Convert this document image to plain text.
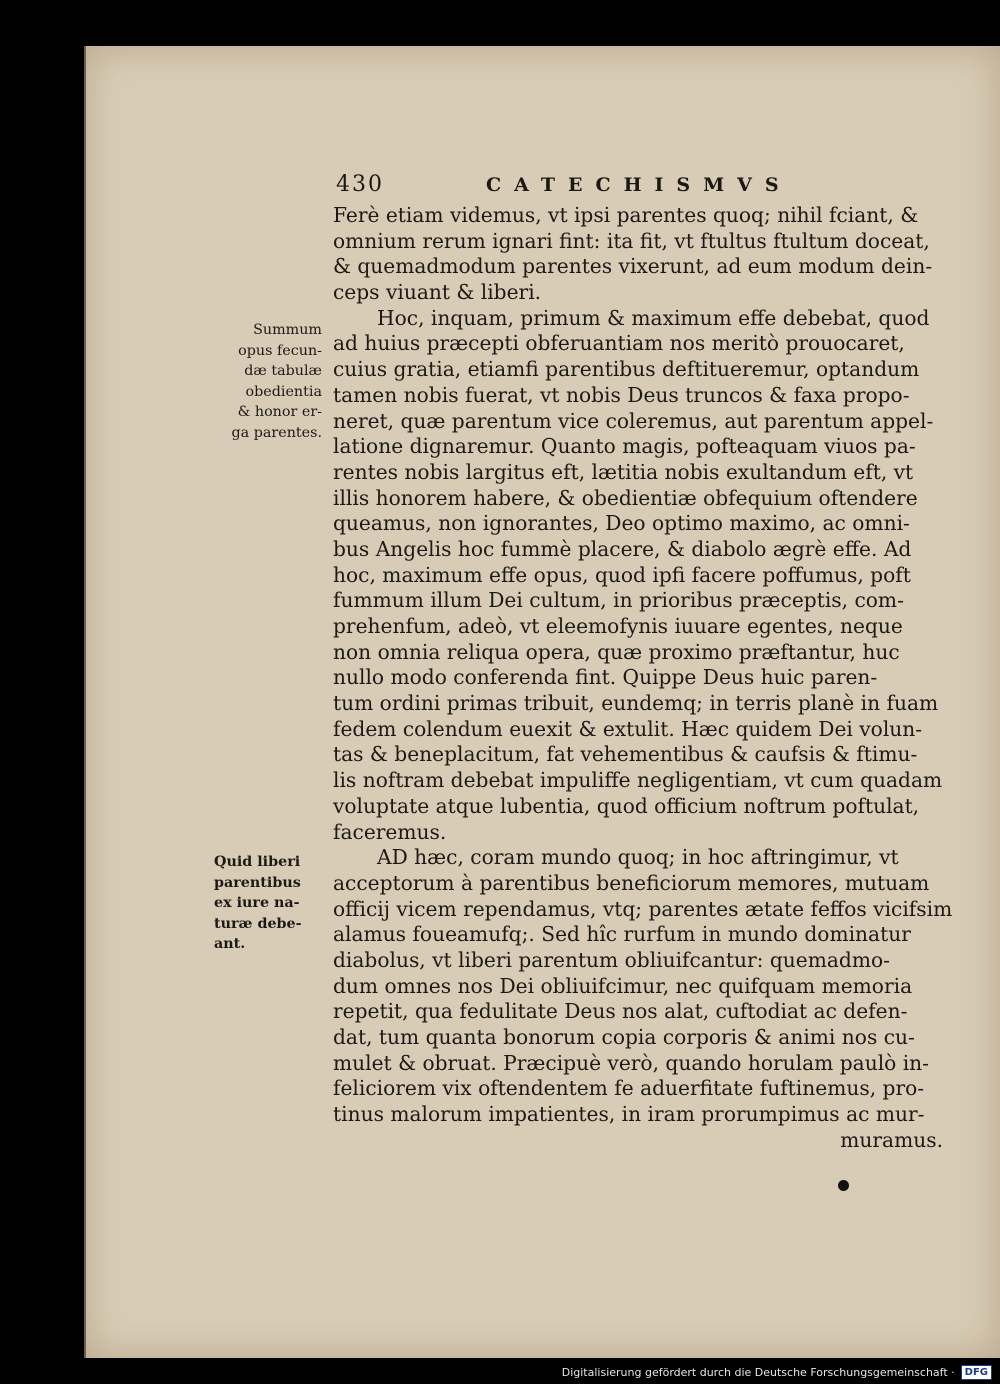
430	CATECHISMVS
Summum
opus fecun-
dæ tabulæ
obedientia
& honor er-
ga parentes.
Quid liberi
parentibus
ex iure na-
turæ debe-
ant.
Ferè etiam videmus, vt ipsi parentes quoq; nihil fciant, &
omnium rerum ignari fint: ita fit, vt ftultus ftultum doceat,
& quemadmodum parentes vixerunt, ad eum modum dein-
ceps viuant & liberi.
Hoc, inquam, primum & maximum effe debebat, quod
ad huius præcepti obferuantiam nos meritò prouocaret,
cuius gratia, etiamfi parentibus deftitueremur, optandum
tamen nobis fuerat, vt nobis Deus truncos & faxa propo-
neret, quæ parentum vice coleremus, aut parentum appel-
latione dignaremur. Quanto magis, pofteaquam viuos pa-
rentes nobis largitus eft, lætitia nobis exultandum eft, vt
illis honorem habere, & obedientiæ obfequium oftendere
queamus, non ignorantes, Deo optimo maximo, ac omni-
bus Angelis hoc fummè placere, & diabolo ægrè effe. Ad
hoc, maximum effe opus, quod ipfi facere poffumus, poft
fummum illum Dei cultum, in prioribus præceptis, com-
prehenfum, adeò, vt eleemofynis iuuare egentes, neque
non omnia reliqua opera, quæ proximo præftantur, huc
nullo modo conferenda fint. Quippe Deus huic paren-
tum ordini primas tribuit, eundemq; in terris planè in fuam
fedem colendum euexit & extulit. Hæc quidem Dei volun-
tas & beneplacitum, fat vehementibus & caufsis & ftimu-
lis noftram debebat impuliffe negligentiam, vt cum quadam
voluptate atque lubentia, quod officium noftrum poftulat,
faceremus.
AD hæc, coram mundo quoq; in hoc aftringimur, vt
acceptorum à parentibus beneficiorum memores, mutuam
officij vicem rependamus, vtq; parentes ætate feffos vicifsim
alamus foueamufq;. Sed hîc rurfum in mundo dominatur
diabolus, vt liberi parentum obliuifcantur: quemadmo-
dum omnes nos Dei obliuifcimur, nec quifquam memoria
repetit, qua fedulitate Deus nos alat, cuftodiat ac defen-
dat, tum quanta bonorum copia corporis & animi nos cu-
mulet & obruat. Præcipuè verò, quando horulam paulò in-
feliciorem vix oftendentem fe aduerfitate fuftinemus, pro-
tinus malorum impatientes, in iram prorumpimus ac mur-
muramus.
Digitalisierung gefördert durch die Deutsche Forschungsgemeinschaft ·	DFG
